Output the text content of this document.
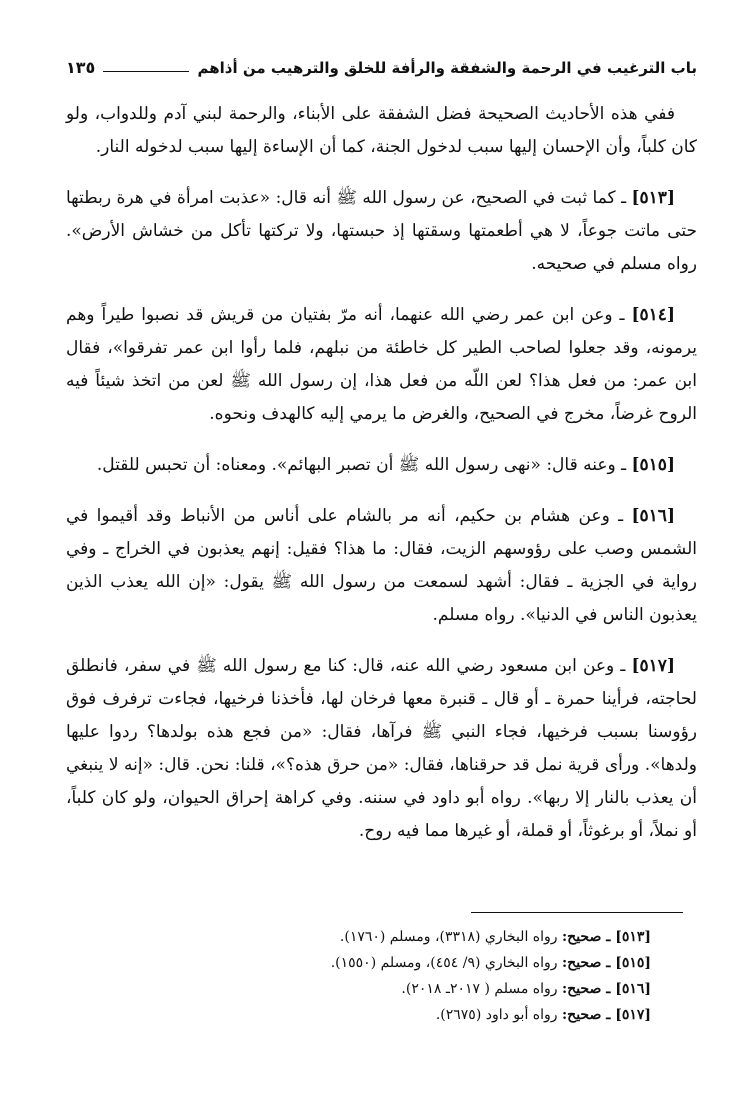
باب الترغيب في الرحمة والشفقة والرأفة للخلق والترهيب من أذاهم
١٣٥

ففي هذه الأحاديث الصحيحة فضل الشفقة على الأبناء، والرحمة لبني آدم وللدواب، ولو كان كلباً، وأن الإحسان إليها سبب لدخول الجنة، كما أن الإساءة إليها سبب لدخوله النار.

[٥١٣] ـ كما ثبت في الصحيح، عن رسول الله ﷺ أنه قال: «عذبت امرأة في هرة ربطتها حتى ماتت جوعاً، لا هي أطعمتها وسقتها إذ حبستها، ولا تركتها تأكل من خشاش الأرض». رواه مسلم في صحيحه.

[٥١٤] ـ وعن ابن عمر رضي الله عنهما، أنه مرّ بفتيان من قريش قد نصبوا طيراً وهم يرمونه، وقد جعلوا لصاحب الطير كل خاطئة من نبلهم، فلما رأوا ابن عمر تفرقوا»، فقال ابن عمر: من فعل هذا؟ لعن اللّه من فعل هذا، إن رسول الله ﷺ لعن من اتخذ شيئاً فيه الروح غرضاً، مخرج في الصحيح، والغرض ما يرمي إليه كالهدف ونحوه.

[٥١٥] ـ وعنه قال: «نهى رسول الله ﷺ أن تصبر البهائم». ومعناه: أن تحبس للقتل.

[٥١٦] ـ وعن هشام بن حكيم، أنه مر بالشام على أناس من الأنباط وقد أقيموا في الشمس وصب على رؤوسهم الزيت، فقال: ما هذا؟ فقيل: إنهم يعذبون في الخراج ـ وفي رواية في الجزية ـ فقال: أشهد لسمعت من رسول الله ﷺ يقول: «إن الله يعذب الذين يعذبون الناس في الدنيا». رواه مسلم.

[٥١٧] ـ وعن ابن مسعود رضي الله عنه، قال: كنا مع رسول الله ﷺ في سفر، فانطلق لحاجته، فرأينا حمرة ـ أو قال ـ قنبرة معها فرخان لها، فأخذنا فرخيها، فجاءت ترفرف فوق رؤوسنا بسبب فرخيها، فجاء النبي ﷺ فرآها، فقال: «من فجع هذه بولدها؟ ردوا عليها ولدها». ورأى قرية نمل قد حرقناها، فقال: «من حرق هذه؟»، قلنا: نحن. قال: «إنه لا ينبغي أن يعذب بالنار إلا ربها». رواه أبو داود في سننه. وفي كراهة إحراق الحيوان، ولو كان كلباً، أو نملاً، أو برغوثاً، أو قملة، أو غيرها مما فيه روح.

[٥١٣] ـ صحيح: رواه البخاري (٣٣١٨)، ومسلم (١٧٦٠).

[٥١٥] ـ صحيح: رواه البخاري (٩/ ٤٥٤)، ومسلم (١٥٥٠).

[٥١٦] ـ صحيح: رواه مسلم ( ٢٠١٧ـ ٢٠١٨).

[٥١٧] ـ صحيح: رواه أبو داود (٢٦٧٥).
